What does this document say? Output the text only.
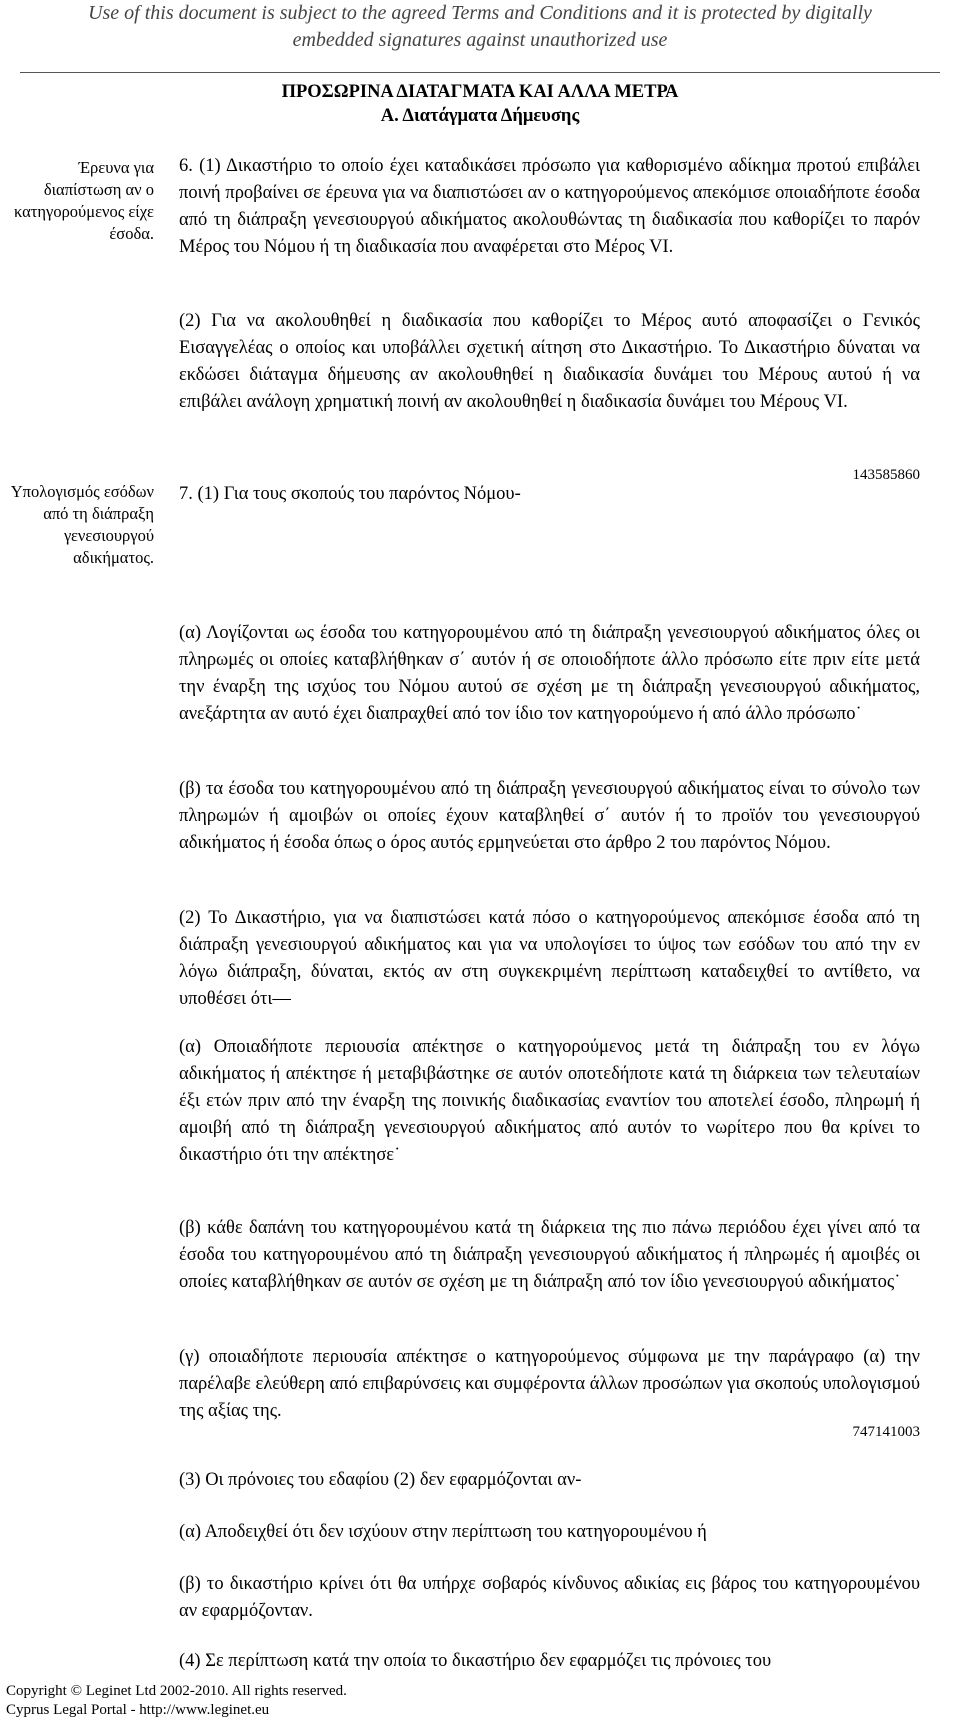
Use of this document is subject to the agreed Terms and Conditions and it is protected by digitally
embedded signatures against unauthorized use
ΠΡΟΣΩΡΙΝΑ ΔΙΑΤΑΓΜΑΤΑ ΚΑΙ ΑΛΛΑ ΜΕΤΡΑ
Α. Διατάγματα Δήμευσης
Έρευνα για διαπίστωση αν ο κατηγορούμενος είχε έσοδα.
6. (1) Δικαστήριο το οποίο έχει καταδικάσει πρόσωπο για καθορισμένο αδίκημα προτού επιβάλει ποινή προβαίνει σε έρευνα για να διαπιστώσει αν ο κατηγορούμενος απεκόμισε οποιαδήποτε έσοδα από τη διάπραξη γενεσιουργού αδικήματος ακολουθώντας τη διαδικασία που καθορίζει το παρόν Μέρος του Νόμου ή τη διαδικασία που αναφέρεται στο Μέρος VI.
(2) Για να ακολουθηθεί η διαδικασία που καθορίζει το Μέρος αυτό αποφασίζει ο Γενικός Εισαγγελέας ο οποίος και υποβάλλει σχετική αίτηση στο Δικαστήριο. Το Δικαστήριο δύναται να εκδώσει διάταγμα δήμευσης αν ακολουθηθεί η διαδικασία δυνάμει του Μέρους αυτού ή να επιβάλει ανάλογη χρηματική ποινή αν ακολουθηθεί η διαδικασία δυνάμει του Μέρους VI.
143585860
Υπολογισμός εσόδων από τη διάπραξη γενεσιουργού αδικήματος.
7. (1) Για τους σκοπούς του παρόντος Νόμου-
(α) Λογίζονται ως έσοδα του κατηγορουμένου από τη διάπραξη γενεσιουργού αδικήματος όλες οι πληρωμές οι οποίες καταβλήθηκαν σ΄ αυτόν ή σε οποιοδήποτε άλλο πρόσωπο είτε πριν είτε μετά την έναρξη της ισχύος του Νόμου αυτού σε σχέση με τη διάπραξη γενεσιουργού αδικήματος, ανεξάρτητα αν αυτό έχει διαπραχθεί από τον ίδιο τον κατηγορούμενο ή από άλλο πρόσωπο˙
(β) τα έσοδα του κατηγορουμένου από τη διάπραξη γενεσιουργού αδικήματος είναι το σύνολο των πληρωμών ή αμοιβών οι οποίες έχουν καταβληθεί σ΄ αυτόν ή το προϊόν του γενεσιουργού αδικήματος ή έσοδα όπως ο όρος αυτός ερμηνεύεται στο άρθρο 2 του παρόντος Νόμου.
(2) Το Δικαστήριο, για να διαπιστώσει κατά πόσο ο κατηγορούμενος απεκόμισε έσοδα από τη διάπραξη γενεσιουργού αδικήματος και για να υπολογίσει το ύψος των εσόδων του από την εν λόγω διάπραξη, δύναται, εκτός αν στη συγκεκριμένη περίπτωση καταδειχθεί το αντίθετο, να υποθέσει ότι—
(α) Οποιαδήποτε περιουσία απέκτησε ο κατηγορούμενος μετά τη διάπραξη του εν λόγω αδικήματος ή απέκτησε ή μεταβιβάστηκε σε αυτόν οποτεδήποτε κατά τη διάρκεια των τελευταίων έξι ετών πριν από την έναρξη της ποινικής διαδικασίας εναντίον του αποτελεί έσοδο, πληρωμή ή αμοιβή από τη διάπραξη γενεσιουργού αδικήματος από αυτόν το νωρίτερο που θα κρίνει το δικαστήριο ότι την απέκτησε˙
(β) κάθε δαπάνη του κατηγορουμένου κατά τη διάρκεια της πιο πάνω περιόδου έχει γίνει από τα έσοδα του κατηγορουμένου από τη διάπραξη γενεσιουργού αδικήματος ή πληρωμές ή αμοιβές οι οποίες καταβλήθηκαν σε αυτόν σε σχέση με τη διάπραξη από τον ίδιο γενεσιουργού αδικήματος˙
(γ) οποιαδήποτε περιουσία απέκτησε ο κατηγορούμενος σύμφωνα με την παράγραφο (α) την παρέλαβε ελεύθερη από επιβαρύνσεις και συμφέροντα άλλων προσώπων για σκοπούς υπολογισμού της αξίας της.
747141003
(3) Οι πρόνοιες του εδαφίου (2) δεν εφαρμόζονται αν-
(α) Αποδειχθεί ότι δεν ισχύουν στην περίπτωση του κατηγορουμένου ή
(β) το δικαστήριο κρίνει ότι θα υπήρχε σοβαρός κίνδυνος αδικίας εις βάρος του κατηγορουμένου αν εφαρμόζονταν.
(4) Σε περίπτωση κατά την οποία το δικαστήριο δεν εφαρμόζει τις πρόνοιες του
Copyright © Leginet Ltd 2002-2010. All rights reserved.
Cyprus Legal Portal - http://www.leginet.eu
